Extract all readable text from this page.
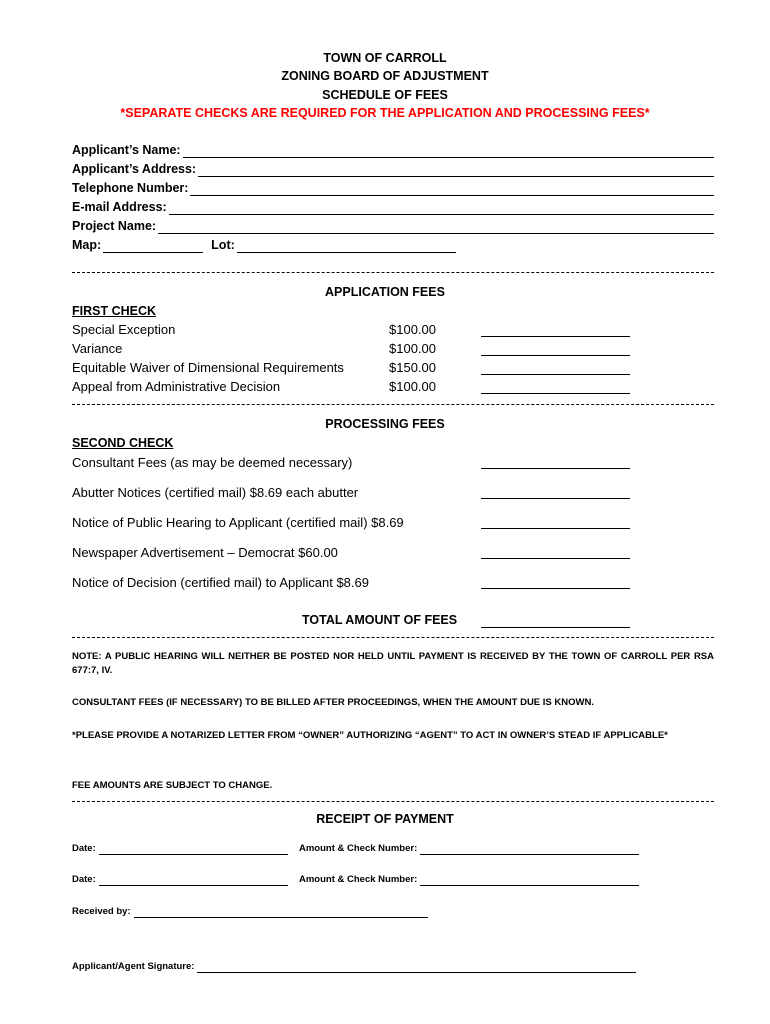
TOWN OF CARROLL
ZONING BOARD OF ADJUSTMENT
SCHEDULE OF FEES
*SEPARATE CHECKS ARE REQUIRED FOR THE APPLICATION AND PROCESSING FEES*
Applicant’s Name:
Applicant’s Address:
Telephone Number:
E-mail Address:
Project Name:
Map:	Lot:
APPLICATION FEES
FIRST CHECK
Special Exception	$100.00
Variance	$100.00
Equitable Waiver of Dimensional Requirements	$150.00
Appeal from Administrative Decision	$100.00
PROCESSING FEES
SECOND CHECK
Consultant Fees (as may be deemed necessary)
Abutter Notices (certified mail) $8.69 each abutter
Notice of Public Hearing to Applicant (certified mail) $8.69
Newspaper Advertisement – Democrat $60.00
Notice of Decision (certified mail) to Applicant $8.69
TOTAL AMOUNT OF FEES
NOTE: A PUBLIC HEARING WILL NEITHER BE POSTED NOR HELD UNTIL PAYMENT IS RECEIVED BY THE TOWN OF CARROLL PER RSA 677:7, IV.
CONSULTANT FEES (IF NECESSARY) TO BE BILLED AFTER PROCEEDINGS, WHEN THE AMOUNT DUE IS KNOWN.
*PLEASE PROVIDE A NOTARIZED LETTER FROM “OWNER” AUTHORIZING “AGENT” TO ACT IN OWNER’S STEAD IF APPLICABLE*
FEE AMOUNTS ARE SUBJECT TO CHANGE.
RECEIPT OF PAYMENT
Date:	Amount & Check Number:
Date:	Amount & Check Number:
Received by:
Applicant/Agent Signature:
